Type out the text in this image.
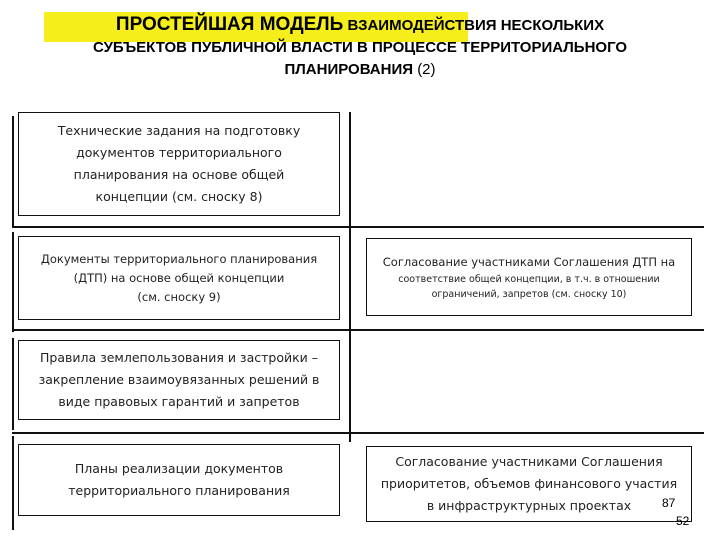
ПРОСТЕЙШАЯ МОДЕЛЬ ВЗАИМОДЕЙСТВИЯ НЕСКОЛЬКИХ
СУБЪЕКТОВ ПУБЛИЧНОЙ ВЛАСТИ В ПРОЦЕССЕ ТЕРРИТОРИАЛЬНОГО
ПЛАНИРОВАНИЯ (2)
Технические задания на подготовку
документов территориального
планирования на основе общей
концепции (см. сноску 8)
Документы территориального планирования
(ДТП) на основе общей концепции
(см. сноску 9)
Правила землепользования и застройки –
закрепление взаимоувязанных решений в
виде правовых гарантий и запретов
Планы реализации документов
территориального планирования
Согласование участниками Соглашения ДТП на
соответствие общей концепции, в т.ч. в отношении
ограничений, запретов (см. сноску 10)
Согласование участниками Соглашения
приоритетов, объемов финансового участия
в инфраструктурных проектах	87
52
